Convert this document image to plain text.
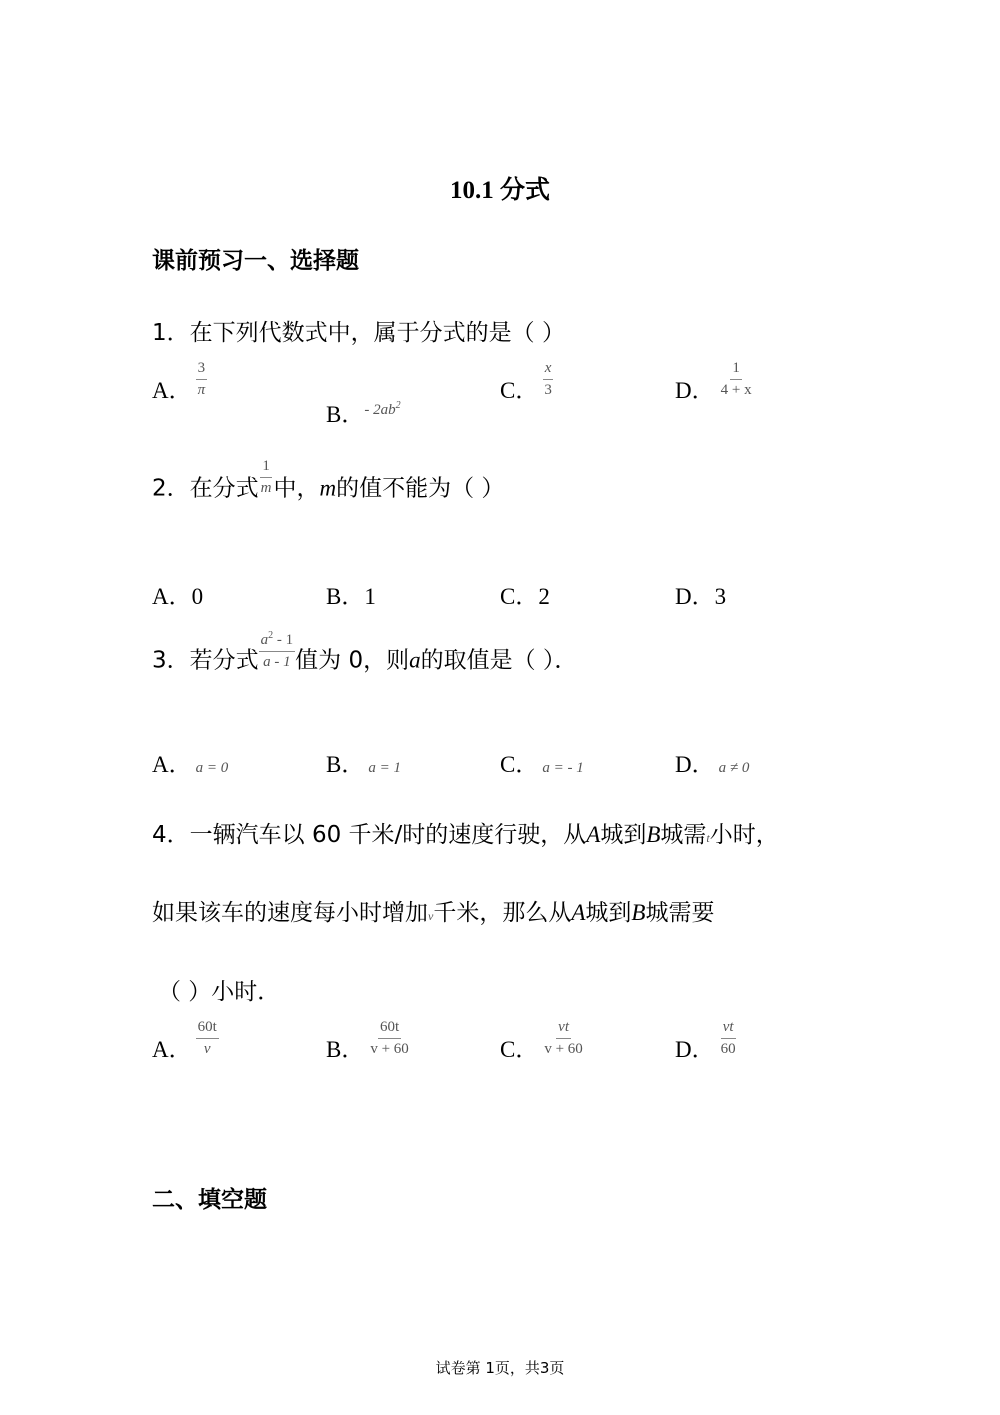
10.1 分式
课前预习一、选择题
1．在下列代数式中，属于分式的是（ ）
A． $\frac{3}{\pi}$
B．- $2ab^2$
C． $\frac{x}{3}$	D． $\frac{1}{4 + x}$
2．在分式 $\frac{1}{m}$ 中，m的值不能为（ ）
A．0	B．1	C．2	D．3
3．若分式 $\frac{a^2 - 1}{a - 1}$ 值为 0，则a的取值是（ ）．
A． a = 0	B． a = 1	C． a = - 1	D． a ≠ 0
4．一辆汽车以 60 千米/时的速度行驶，从A城到B城需t小时，
如果该车的速度每小时增加v千米，那么从A城到B城需要
（ ）小时．
A． $\frac{60t}{v}$	B． $\frac{60t}{v + 60}$	C． $\frac{vt}{v + 60}$	D． $\frac{vt}{60}$
二、填空题
试卷第 1页，共3页
